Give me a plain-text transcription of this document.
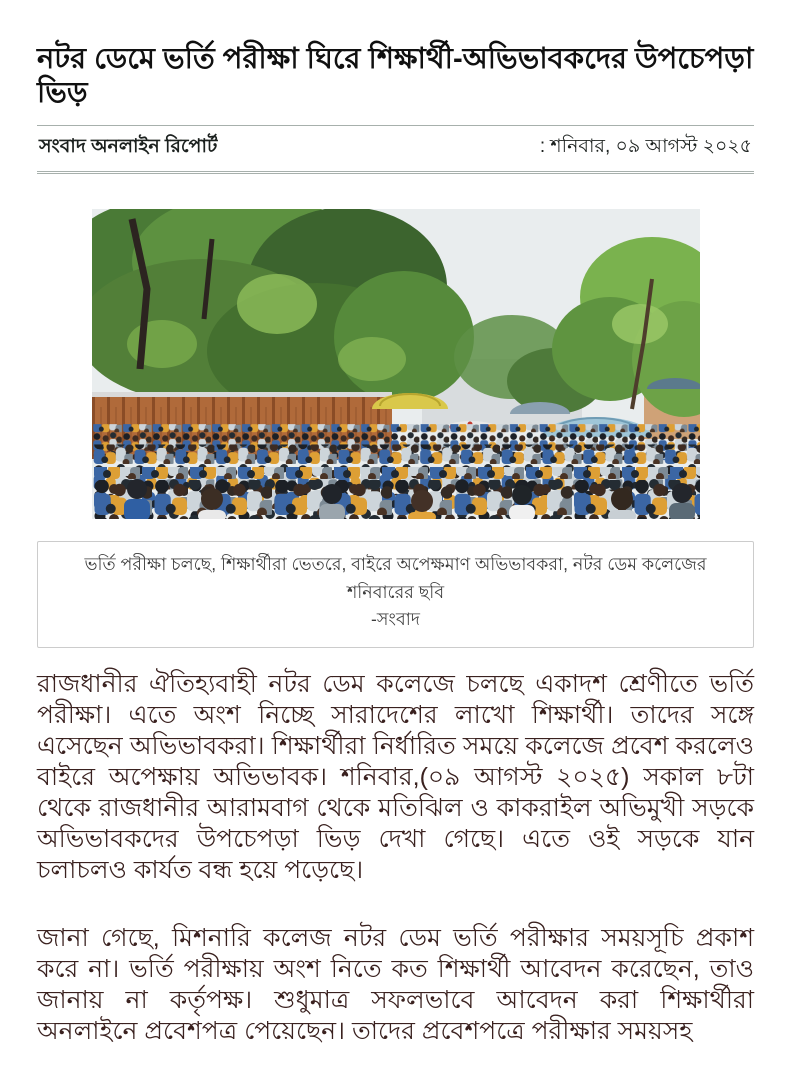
নটর ডেমে ভর্তি পরীক্ষা ঘিরে শিক্ষার্থী-অভিভাবকদের উপচেপড়া ভিড়
সংবাদ অনলাইন রিপোর্ট	: শনিবার, ০৯ আগস্ট ২০২৫
ভর্তি পরীক্ষা চলছে, শিক্ষার্থীরা ভেতরে, বাইরে অপেক্ষমাণ অভিভাবকরা, নটর ডেম কলেজের শনিবারের ছবি
-সংবাদ

রাজধানীর ঐতিহ্যবাহী নটর ডেম কলেজে চলছে একাদশ শ্রেণীতে ভর্তি পরীক্ষা। এতে অংশ নিচ্ছে সারাদেশের লাখো শিক্ষার্থী। তাদের সঙ্গে এসেছেন অভিভাবকরা। শিক্ষার্থীরা নির্ধারিত সময়ে কলেজে প্রবেশ করলেও বাইরে অপেক্ষায় অভিভাবক। শনিবার,(০৯ আগস্ট ২০২৫) সকাল ৮টা থেকে রাজধানীর আরামবাগ থেকে মতিঝিল ও কাকরাইল অভিমুখী সড়কে অভিভাবকদের উপচেপড়া ভিড় দেখা গেছে। এতে ওই সড়কে যান চলাচলও কার্যত বন্ধ হয়ে পড়েছে।

জানা গেছে, মিশনারি কলেজ নটর ডেম ভর্তি পরীক্ষার সময়সূচি প্রকাশ করে না। ভর্তি পরীক্ষায় অংশ নিতে কত শিক্ষার্থী আবেদন করেছেন, তাও জানায় না কর্তৃপক্ষ। শুধুমাত্র সফলভাবে আবেদন করা শিক্ষার্থীরা অনলাইনে প্রবেশপত্র পেয়েছেন। তাদের প্রবেশপত্রে পরীক্ষার সময়সহ
